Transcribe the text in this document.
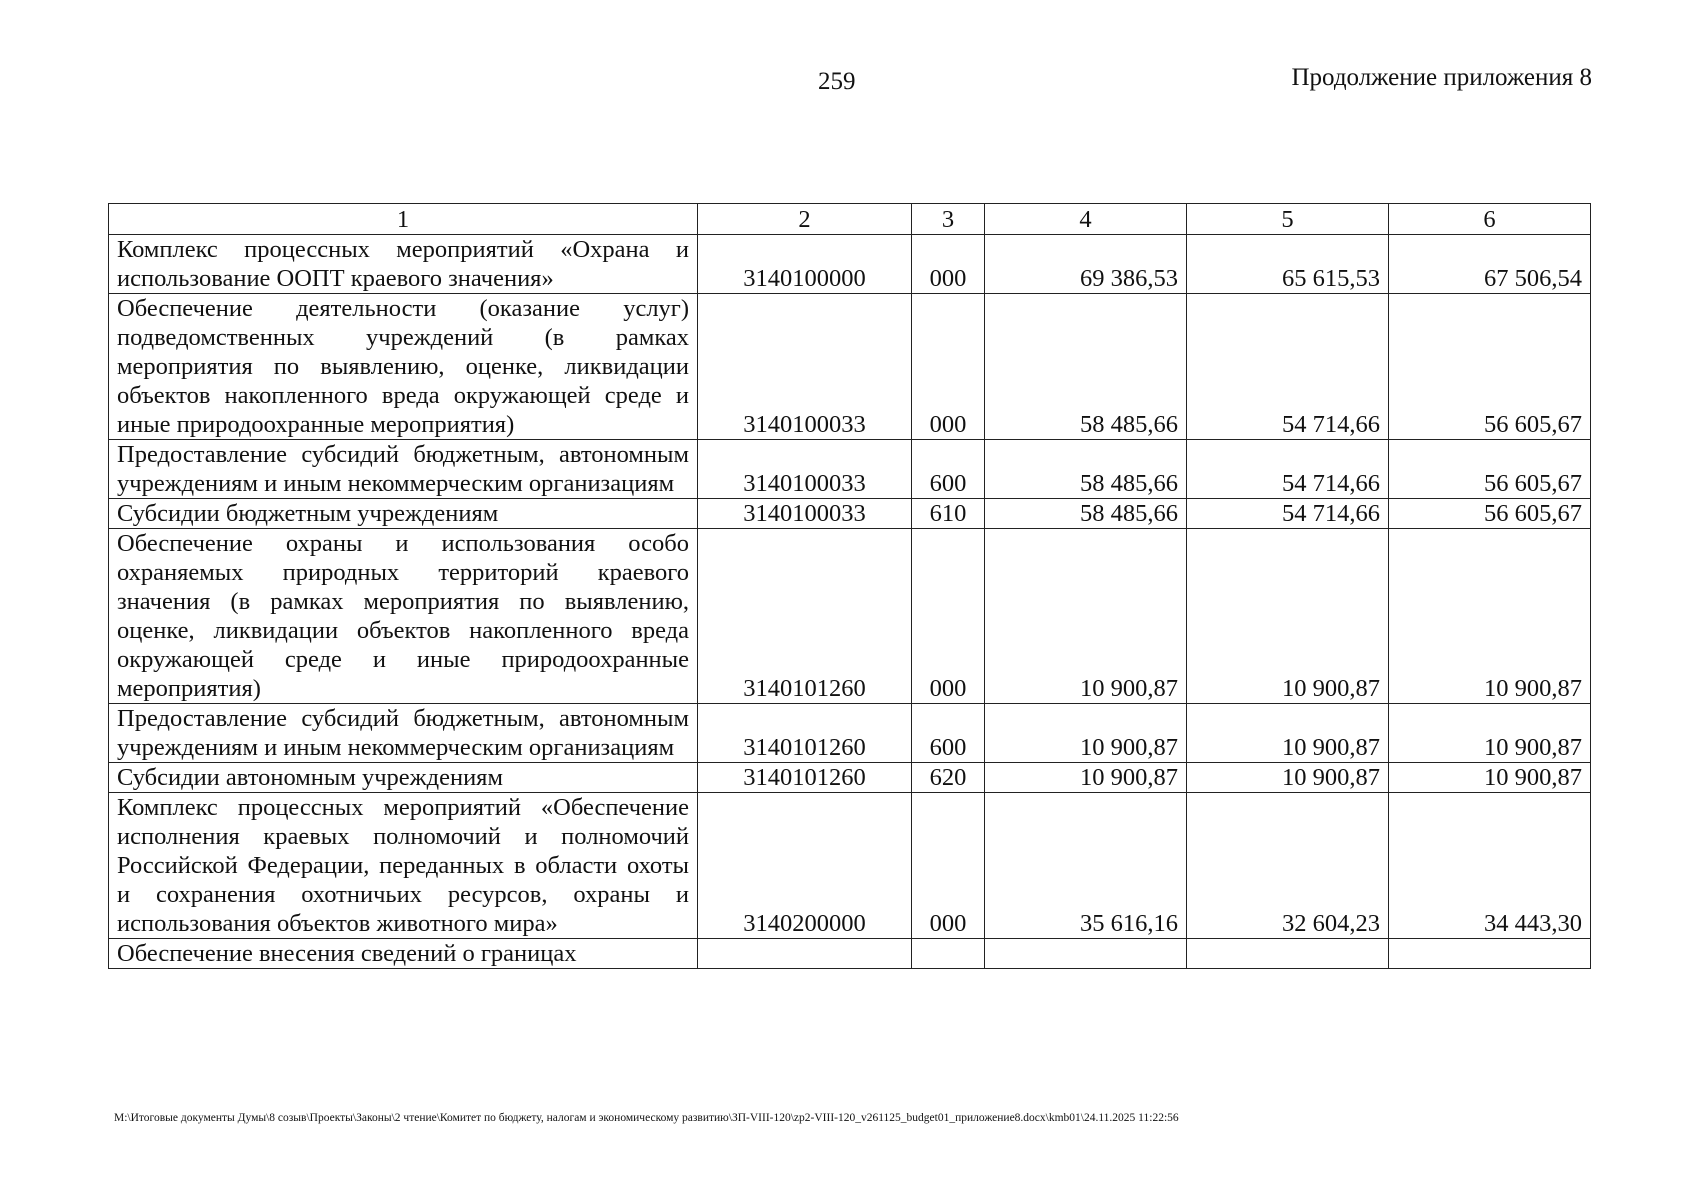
259	Продолжение приложения 8
1	2	3	4	5	6
Комплекс процессных мероприятий «Охрана и использование ООПТ краевого значения»	3140100000	000	69 386,53	65 615,53	67 506,54
Обеспечение деятельности (оказание услуг) подведомственных учреждений (в рамках мероприятия по выявлению, оценке, ликвидации объектов накопленного вреда окружающей среде и иные природоохранные мероприятия)	3140100033	000	58 485,66	54 714,66	56 605,67
Предоставление субсидий бюджетным, автономным учреждениям и иным некоммерческим организациям	3140100033	600	58 485,66	54 714,66	56 605,67
Субсидии бюджетным учреждениям	3140100033	610	58 485,66	54 714,66	56 605,67
Обеспечение охраны и использования особо охраняемых природных территорий краевого значения (в рамках мероприятия по выявлению, оценке, ликвидации объектов накопленного вреда окружающей среде и иные природоохранные мероприятия)	3140101260	000	10 900,87	10 900,87	10 900,87
Предоставление субсидий бюджетным, автономным учреждениям и иным некоммерческим организациям	3140101260	600	10 900,87	10 900,87	10 900,87
Субсидии автономным учреждениям	3140101260	620	10 900,87	10 900,87	10 900,87
Комплекс процессных мероприятий «Обеспечение исполнения краевых полномочий и полномочий Российской Федерации, переданных в области охоты и сохранения охотничьих ресурсов, охраны и использования объектов животного мира»	3140200000	000	35 616,16	32 604,23	34 443,30
Обеспечение внесения сведений о границах					
M:\Итоговые документы Думы\8 созыв\Проекты\Законы\2 чтение\Комитет по бюджету, налогам и экономическому развитию\ЗП-VIII-120\zp2-VIII-120_v261125_budget01_приложение8.docx\kmb01\24.11.2025 11:22:56
